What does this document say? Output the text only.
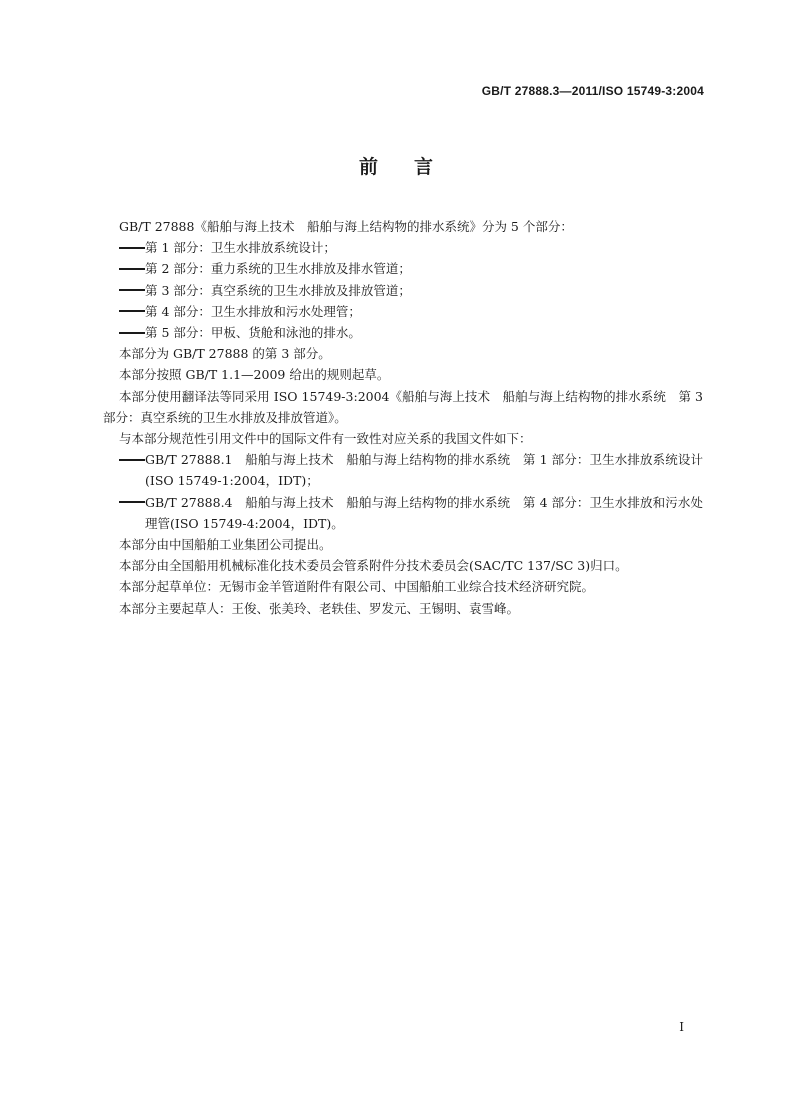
GB/T 27888.3—2011/ISO 15749-3:2004
前言

GB/T 27888《船舶与海上技术　船舶与海上结构物的排水系统》分为 5 个部分：

第 1 部分：卫生水排放系统设计；

第 2 部分：重力系统的卫生水排放及排水管道；

第 3 部分：真空系统的卫生水排放及排放管道；

第 4 部分：卫生水排放和污水处理管；

第 5 部分：甲板、货舱和泳池的排水。

本部分为 GB/T 27888 的第 3 部分。

本部分按照 GB/T 1.1—2009 给出的规则起草。

本部分使用翻译法等同采用 ISO 15749-3:2004《船舶与海上技术　船舶与海上结构物的排水系统　第 3 部分：真空系统的卫生水排放及排放管道》。

与本部分规范性引用文件中的国际文件有一致性对应关系的我国文件如下：

GB/T 27888.1　船舶与海上技术　船舶与海上结构物的排水系统　第 1 部分：卫生水排放系统设计(ISO 15749-1:2004，IDT)；

GB/T 27888.4　船舶与海上技术　船舶与海上结构物的排水系统　第 4 部分：卫生水排放和污水处理管(ISO 15749-4:2004，IDT)。

本部分由中国船舶工业集团公司提出。

本部分由全国船用机械标准化技术委员会管系附件分技术委员会(SAC/TC 137/SC 3)归口。

本部分起草单位：无锡市金羊管道附件有限公司、中国船舶工业综合技术经济研究院。

本部分主要起草人：王俊、张美玲、老轶佳、罗发元、王锡明、袁雪峰。

I
